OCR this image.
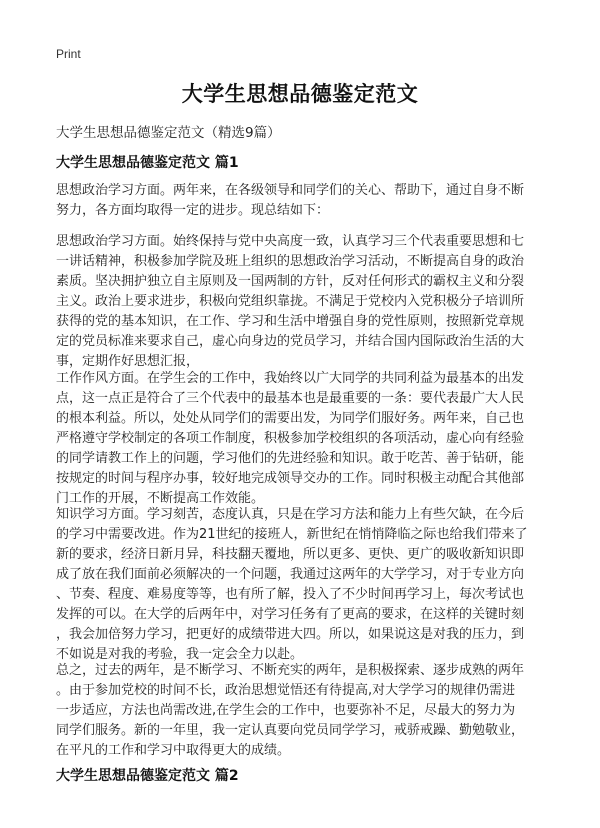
Print
大学生思想品德鉴定范文
大学生思想品德鉴定范文（精选9篇）
大学生思想品德鉴定范文 篇1
思想政治学习方面。两年来，在各级领导和同学们的关心、帮助下，通过自身不断
努力，各方面均取得一定的进步。现总结如下：
思想政治学习方面。始终保持与党中央高度一致，认真学习三个代表重要思想和七
一讲话精神，积极参加学院及班上组织的思想政治学习活动，不断提高自身的政治
素质。坚决拥护独立自主原则及一国两制的方针，反对任何形式的霸权主义和分裂
主义。政治上要求进步，积极向党组织靠拢。不满足于党校内入党积极分子培训所
获得的党的基本知识，在工作、学习和生活中增强自身的党性原则，按照新党章规
定的党员标准来要求自己，虚心向身边的党员学习，并结合国内国际政治生活的大
事，定期作好思想汇报，
工作作风方面。在学生会的工作中，我始终以广大同学的共同利益为最基本的出发
点，这一点正是符合了三个代表中的最基本也是最重要的一条：要代表最广大人民
的根本利益。所以，处处从同学们的需要出发，为同学们服好务。两年来，自己也
严格遵守学校制定的各项工作制度，积极参加学校组织的各项活动，虚心向有经验
的同学请教工作上的问题，学习他们的先进经验和知识。敢于吃苦、善于钻研，能
按规定的时间与程序办事，较好地完成领导交办的工作。同时积极主动配合其他部
门工作的开展，不断提高工作效能。
知识学习方面。学习刻苦，态度认真，只是在学习方法和能力上有些欠缺，在今后
的学习中需要改进。作为21世纪的接班人，新世纪在悄悄降临之际也给我们带来了
新的要求，经济日新月异，科技翻天覆地，所以更多、更快、更广的吸收新知识即
成了放在我们面前必须解决的一个问题，我通过这两年的大学学习，对于专业方向
、节奏、程度、难易度等等，也有所了解，投入了不少时间再学习上，每次考试也
发挥的可以。在大学的后两年中，对学习任务有了更高的要求，在这样的关键时刻
，我会加倍努力学习，把更好的成绩带进大四。所以，如果说这是对我的压力，到
不如说是对我的考验，我一定会全力以赴。
总之，过去的两年，是不断学习、不断充实的两年，是积极探索、逐步成熟的两年
。由于参加党校的时间不长，政治思想觉悟还有待提高,对大学学习的规律仍需进
一步适应，方法也尚需改进,在学生会的工作中，也要弥补不足，尽最大的努力为
同学们服务。新的一年里，我一定认真要向党员同学学习，戒骄戒躁、勤勉敬业，
在平凡的工作和学习中取得更大的成绩。
大学生思想品德鉴定范文 篇2
